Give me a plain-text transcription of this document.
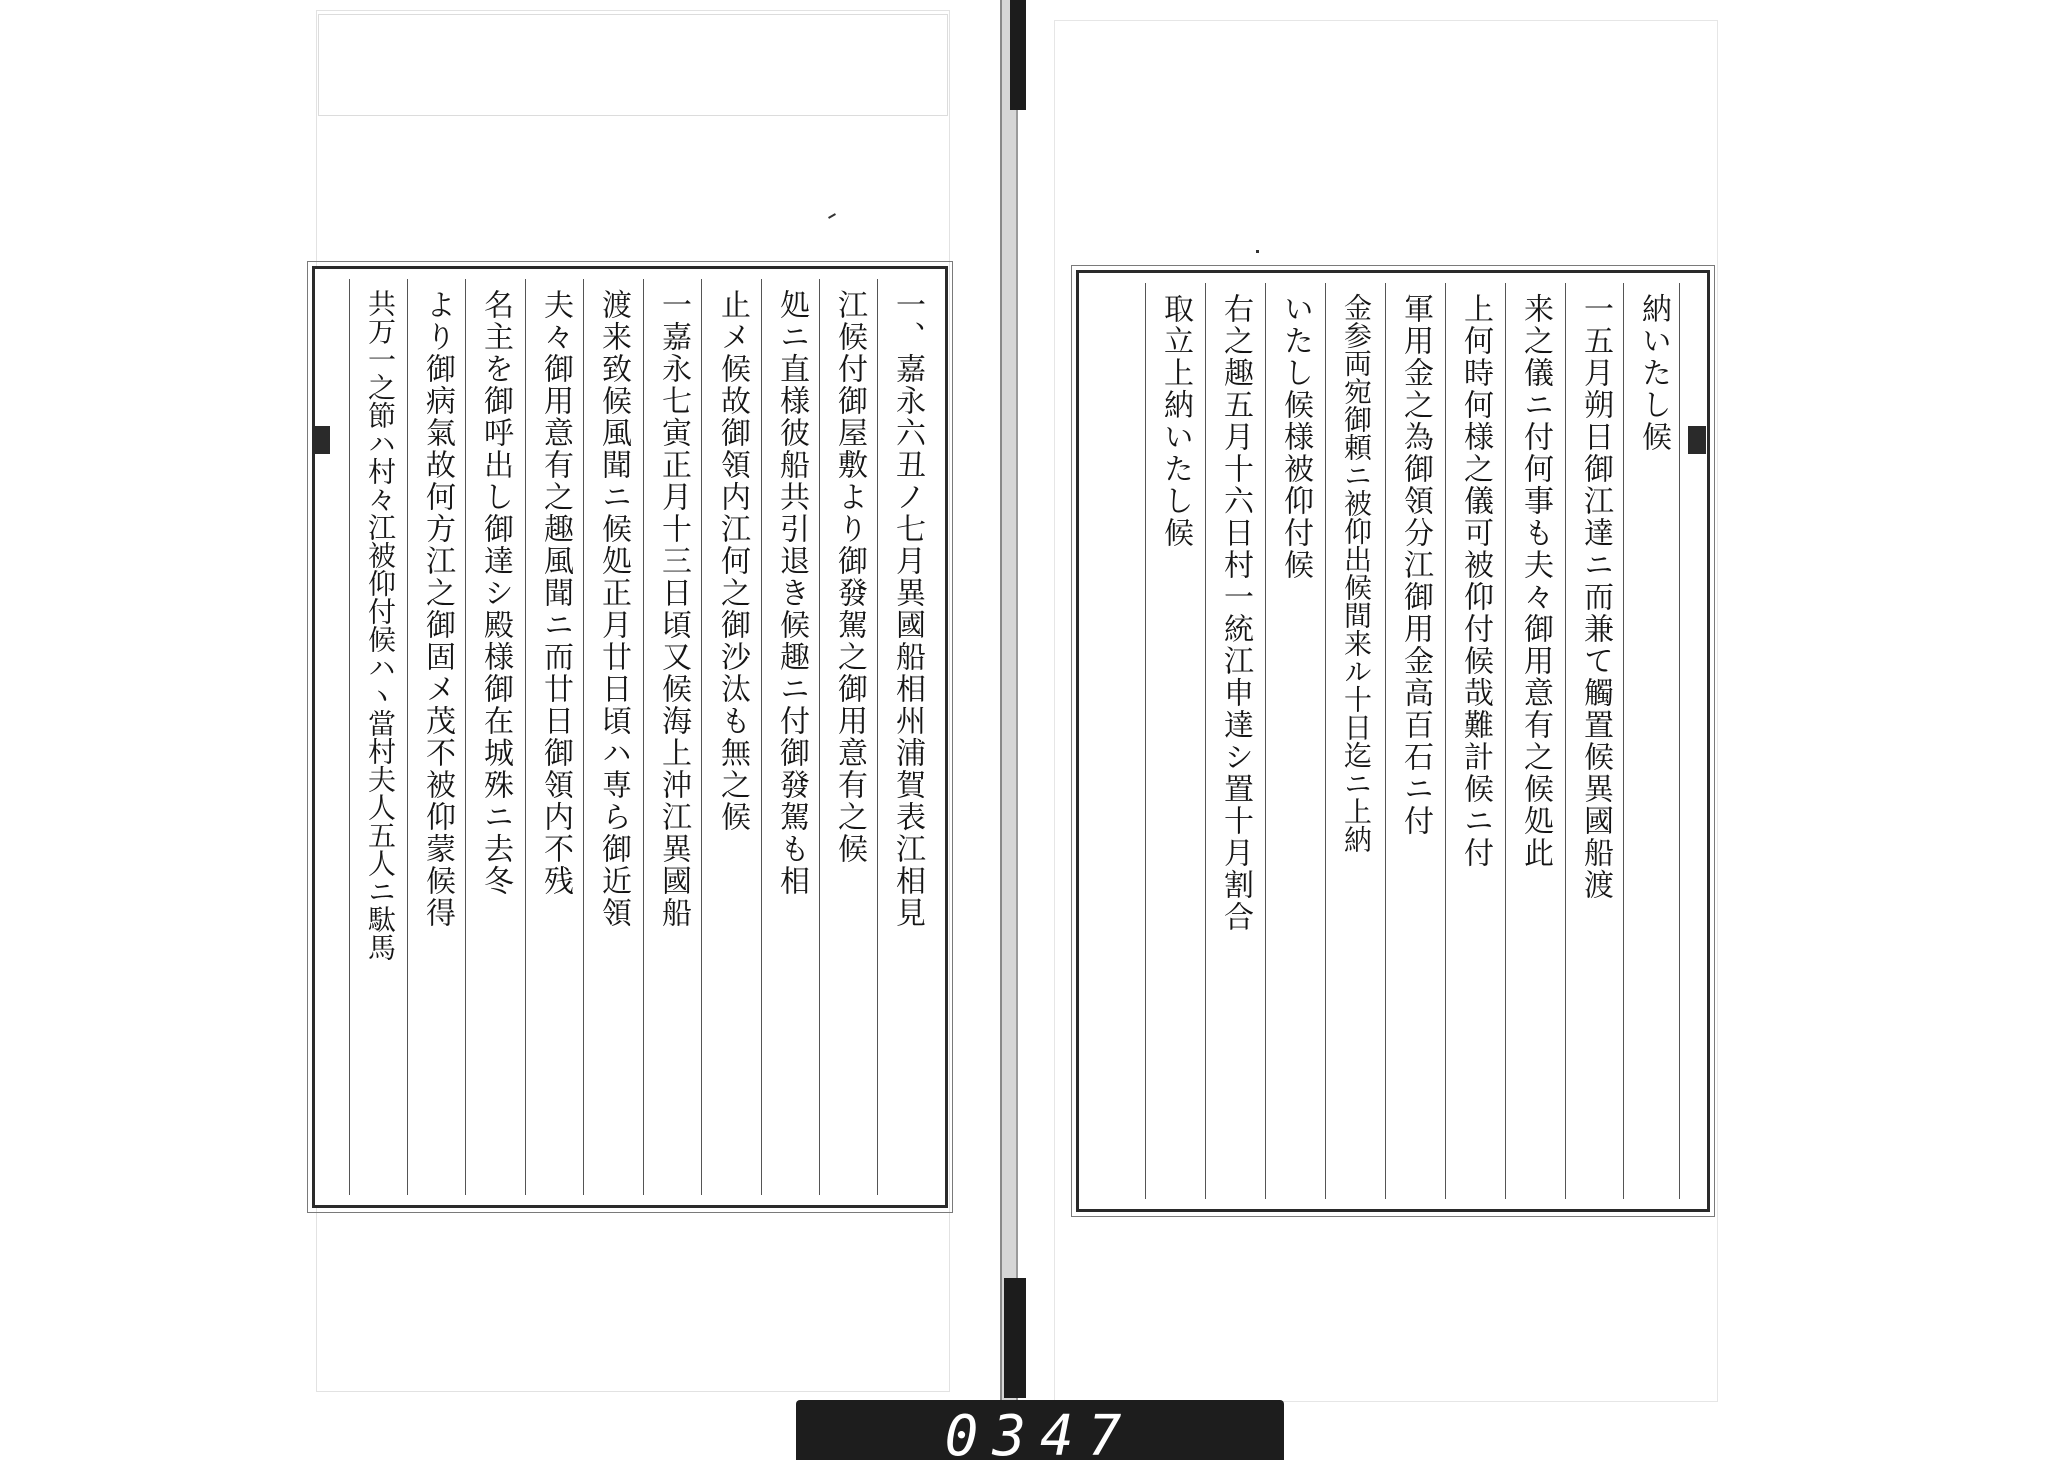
一、嘉永六丑ノ七月異國船相州浦賀表江相見
江候付御屋敷より御發駕之御用意有之候
処ニ直様彼船共引退き候趣ニ付御發駕も相
止メ候故御領内江何之御沙汰も無之候
一嘉永七寅正月十三日頃又候海上沖江異國船
渡来致候風聞ニ候処正月廿日頃ハ専ら御近領
夫々御用意有之趣風聞ニ而廿日御領内不残
名主を御呼出し御達シ殿様御在城殊ニ去冬
より御病氣故何方江之御固メ茂不被仰蒙候得
共万一之節ハ村々江被仰付候ハヽ當村夫人五人ニ駄馬	納いたし候
一五月朔日御江達ニ而兼て觸置候異國船渡
来之儀ニ付何事も夫々御用意有之候処此
上何時何様之儀可被仰付候哉難計候ニ付
軍用金之為御領分江御用金高百石ニ付
金参両宛御頼ニ被仰出候間来ル十日迄ニ上納
いたし候様被仰付候
右之趣五月十六日村一統江申達シ置十月割合
取立上納いたし候
0347
